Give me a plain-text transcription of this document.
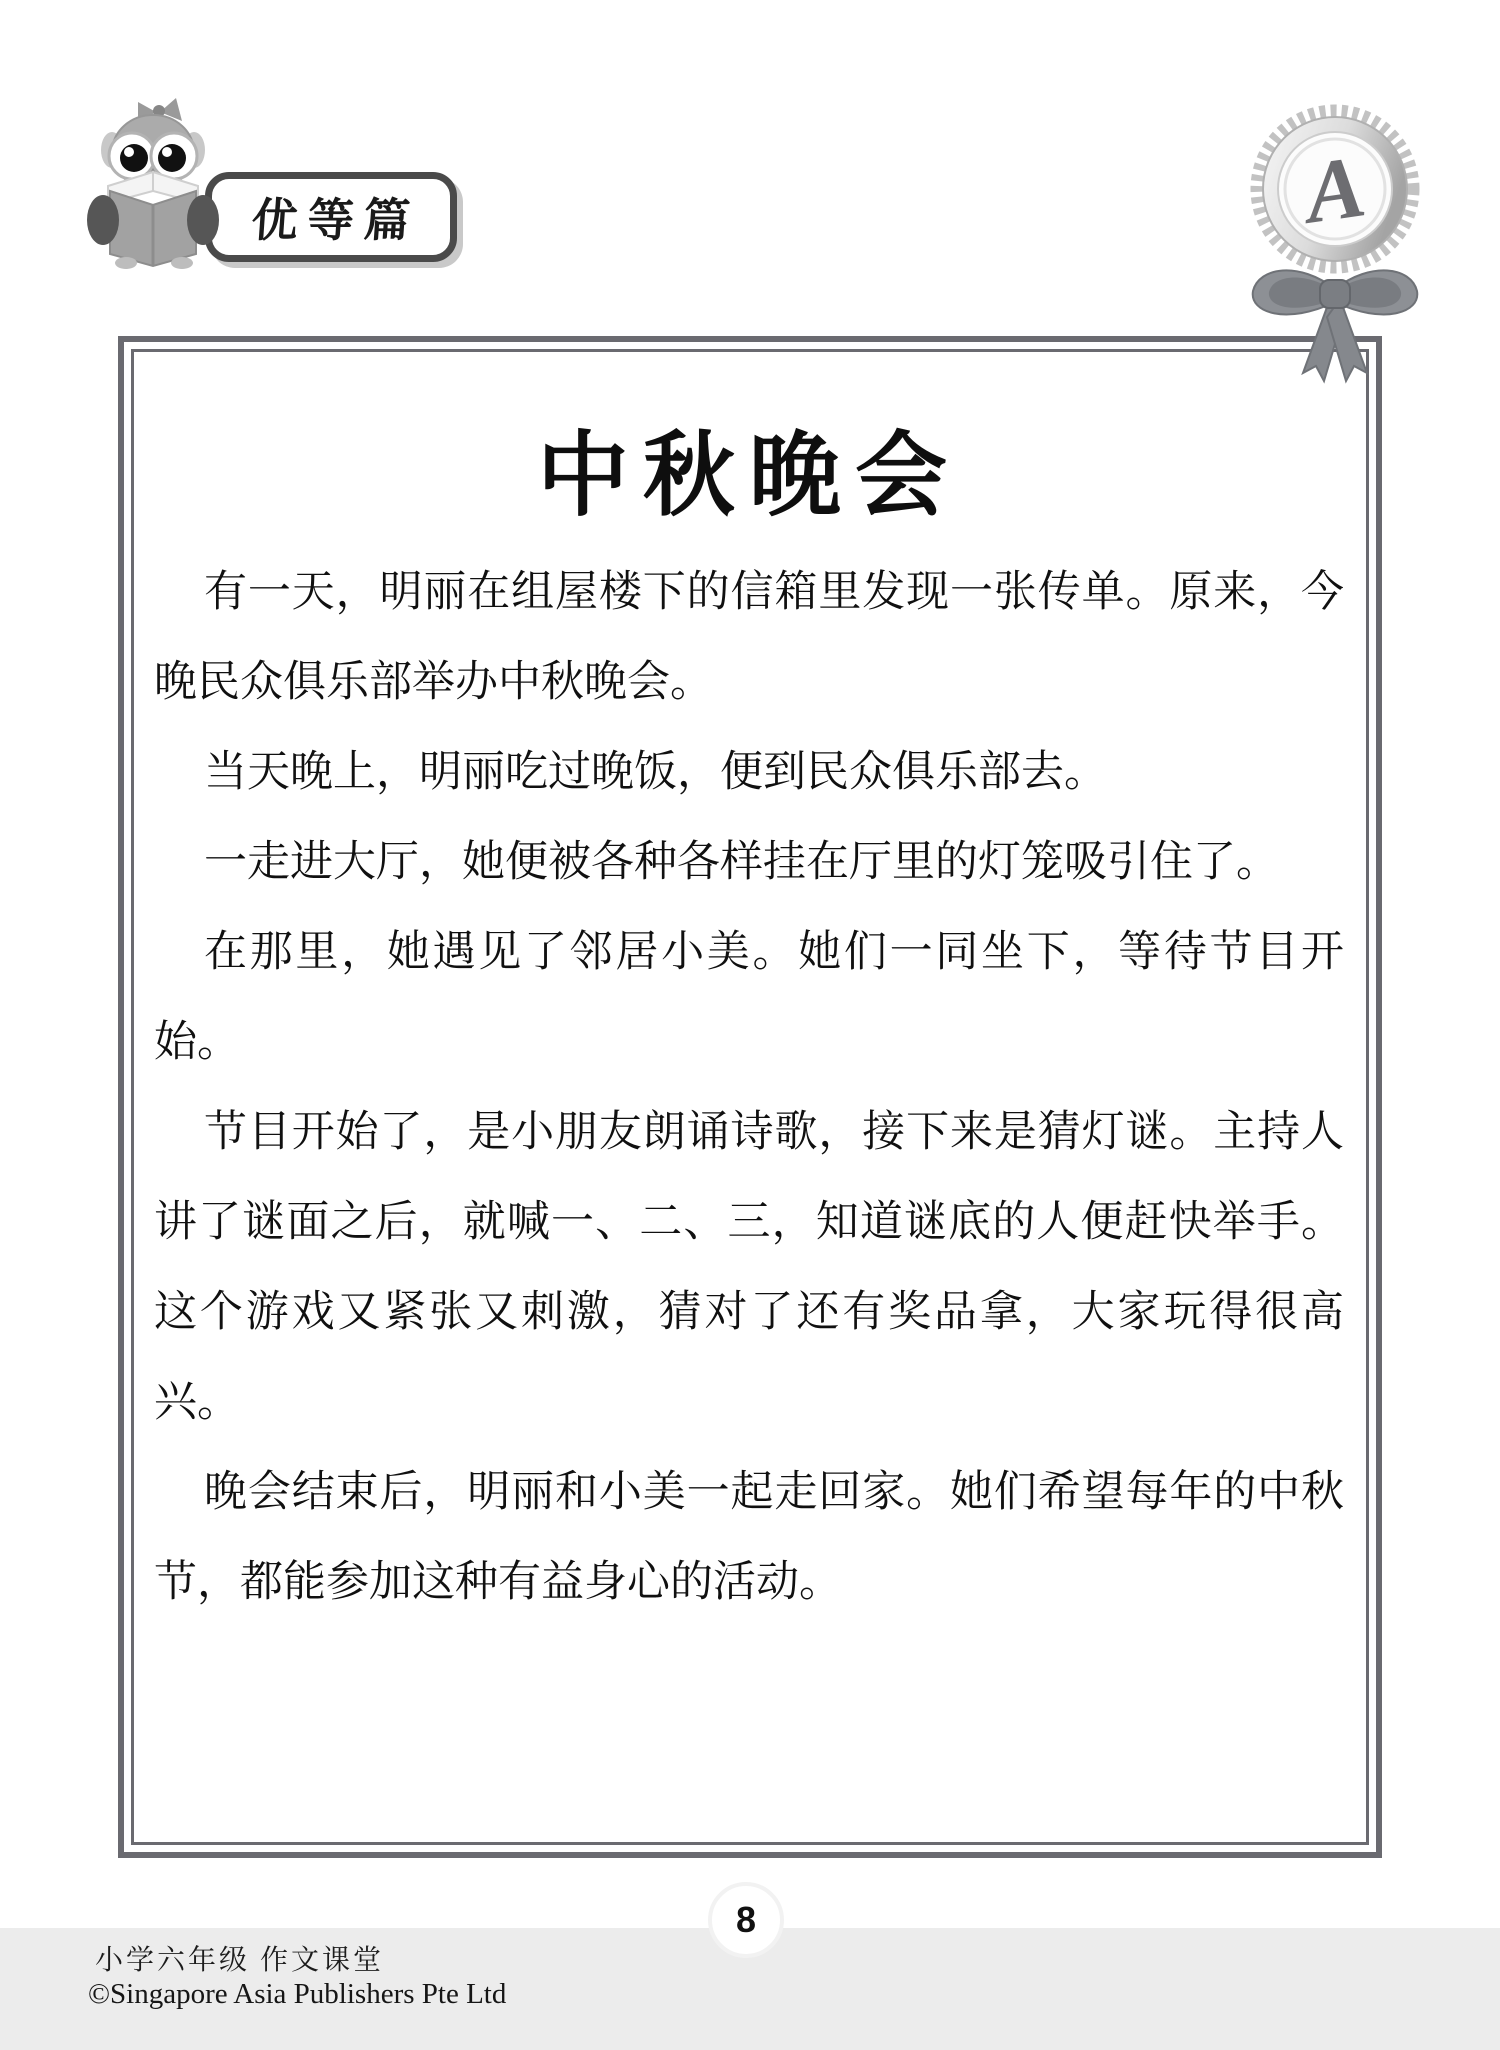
优等篇	A
中秋晚会

有一天，明丽在组屋楼下的信箱里发现一张传单。原来，今晚民众俱乐部举办中秋晚会。

当天晚上，明丽吃过晚饭，便到民众俱乐部去。

一走进大厅，她便被各种各样挂在厅里的灯笼吸引住了。

在那里，她遇见了邻居小美。她们一同坐下，等待节目开始。

节目开始了，是小朋友朗诵诗歌，接下来是猜灯谜。主持人讲了谜面之后，就喊一、二、三，知道谜底的人便赶快举手。这个游戏又紧张又刺激，猜对了还有奖品拿，大家玩得很高兴。

晚会结束后，明丽和小美一起走回家。她们希望每年的中秋节，都能参加这种有益身心的活动。

8
小学六年级 作文课堂
©Singapore Asia Publishers Pte Ltd
